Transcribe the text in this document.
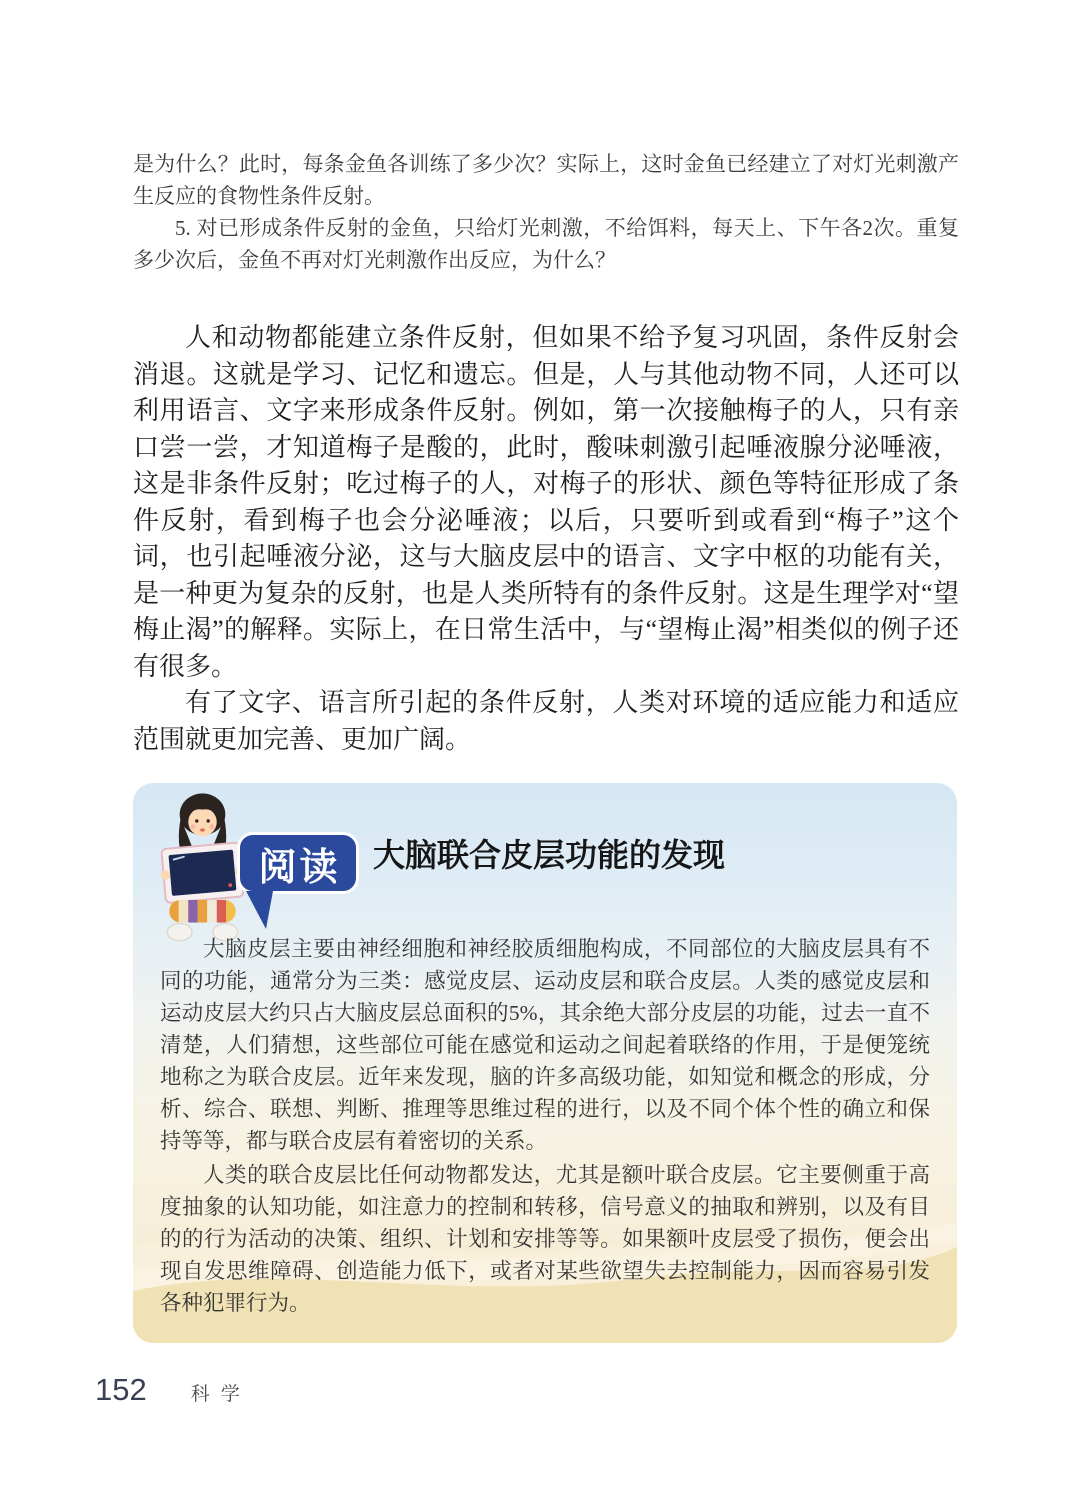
是为什么？此时，每条金鱼各训练了多少次？实际上，这时金鱼已经建立了对灯光刺激产生反应的食物性条件反射。

5. 对已形成条件反射的金鱼，只给灯光刺激，不给饵料，每天上、下午各2次。重复多少次后，金鱼不再对灯光刺激作出反应，为什么？

人和动物都能建立条件反射，但如果不给予复习巩固，条件反射会消退。这就是学习、记忆和遗忘。但是，人与其他动物不同，人还可以利用语言、文字来形成条件反射。例如，第一次接触梅子的人，只有亲口尝一尝，才知道梅子是酸的，此时，酸味刺激引起唾液腺分泌唾液，这是非条件反射；吃过梅子的人，对梅子的形状、颜色等特征形成了条件反射，看到梅子也会分泌唾液；以后，只要听到或看到“梅子”这个词，也引起唾液分泌，这与大脑皮层中的语言、文字中枢的功能有关，是一种更为复杂的反射，也是人类所特有的条件反射。这是生理学对“望梅止渴”的解释。实际上，在日常生活中，与“望梅止渴”相类似的例子还有很多。

有了文字、语言所引起的条件反射，人类对环境的适应能力和适应范围就更加完善、更加广阔。

阅读 大脑联合皮层功能的发现

大脑皮层主要由神经细胞和神经胶质细胞构成，不同部位的大脑皮层具有不同的功能，通常分为三类：感觉皮层、运动皮层和联合皮层。人类的感觉皮层和运动皮层大约只占大脑皮层总面积的5%，其余绝大部分皮层的功能，过去一直不清楚，人们猜想，这些部位可能在感觉和运动之间起着联络的作用，于是便笼统地称之为联合皮层。近年来发现，脑的许多高级功能，如知觉和概念的形成，分析、综合、联想、判断、推理等思维过程的进行，以及不同个体个性的确立和保持等等，都与联合皮层有着密切的关系。

人类的联合皮层比任何动物都发达，尤其是额叶联合皮层。它主要侧重于高度抽象的认知功能，如注意力的控制和转移，信号意义的抽取和辨别，以及有目的的行为活动的决策、组织、计划和安排等等。如果额叶皮层受了损伤，便会出现自发思维障碍、创造能力低下，或者对某些欲望失去控制能力，因而容易引发各种犯罪行为。

152 科学
